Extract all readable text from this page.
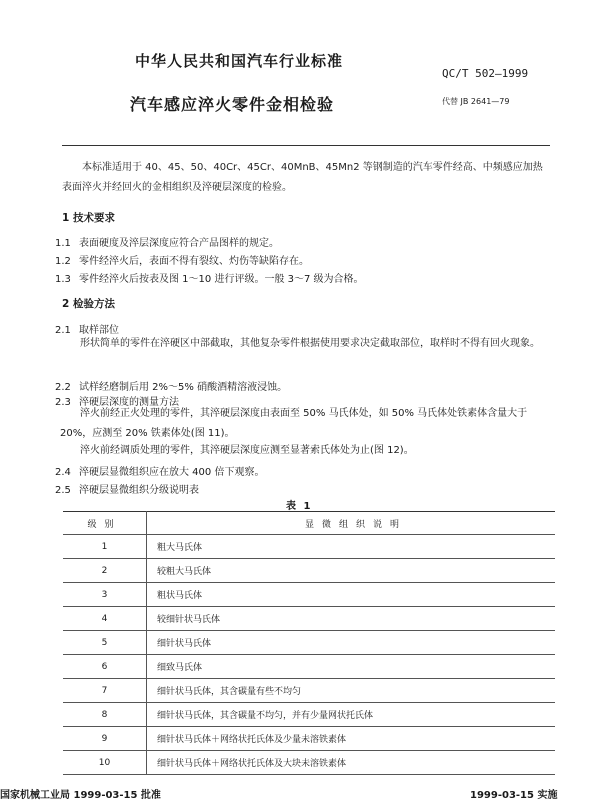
中华人民共和国汽车行业标准
QC/T 502—1999
汽车感应淬火零件金相检验	代替 JB 2641—79
本标准适用于 40、45、50、40Cr、45Cr、40MnB、45Mn2 等钢制造的汽车零件经高、中频感应加热表面淬火并经回火的金相组织及淬硬层深度的检验。
1 技术要求
1.1 表面硬度及淬层深度应符合产品图样的规定。
1.2 零件经淬火后，表面不得有裂纹、灼伤等缺陷存在。
1.3 零件经淬火后按表及图 1～10 进行评级。一般 3～7 级为合格。
2 检验方法
2.1 取样部位
形状简单的零件在淬硬区中部截取，其他复杂零件根据使用要求决定截取部位，取样时不得有回火现象。
2.2 试样经磨制后用 2%～5% 硝酸酒精溶液浸蚀。
2.3 淬硬层深度的测量方法
淬火前经正火处理的零件，其淬硬层深度由表面至 50% 马氏体处，如 50% 马氏体处铁素体含量大于 20%，应测至 20% 铁素体处(图 11)。
淬火前经调质处理的零件，其淬硬层深度应测至显著索氏体处为止(图 12)。
2.4 淬硬层显微组织应在放大 400 倍下观察。
2.5 淬硬层显微组织分级说明表
表 1
级别	显微组织说明
1	粗大马氏体
2	较粗大马氏体
3	粗状马氏体
4	较细针状马氏体
5	细针状马氏体
6	细致马氏体
7	细针状马氏体，其含碳量有些不均匀
8	细针状马氏体，其含碳量不均匀，并有少量网状托氏体
9	细针状马氏体＋网络状托氏体及少量未溶铁素体
10	细针状马氏体＋网络状托氏体及大块未溶铁素体
国家机械工业局 1999-03-15 批准	1999-03-15 实施
